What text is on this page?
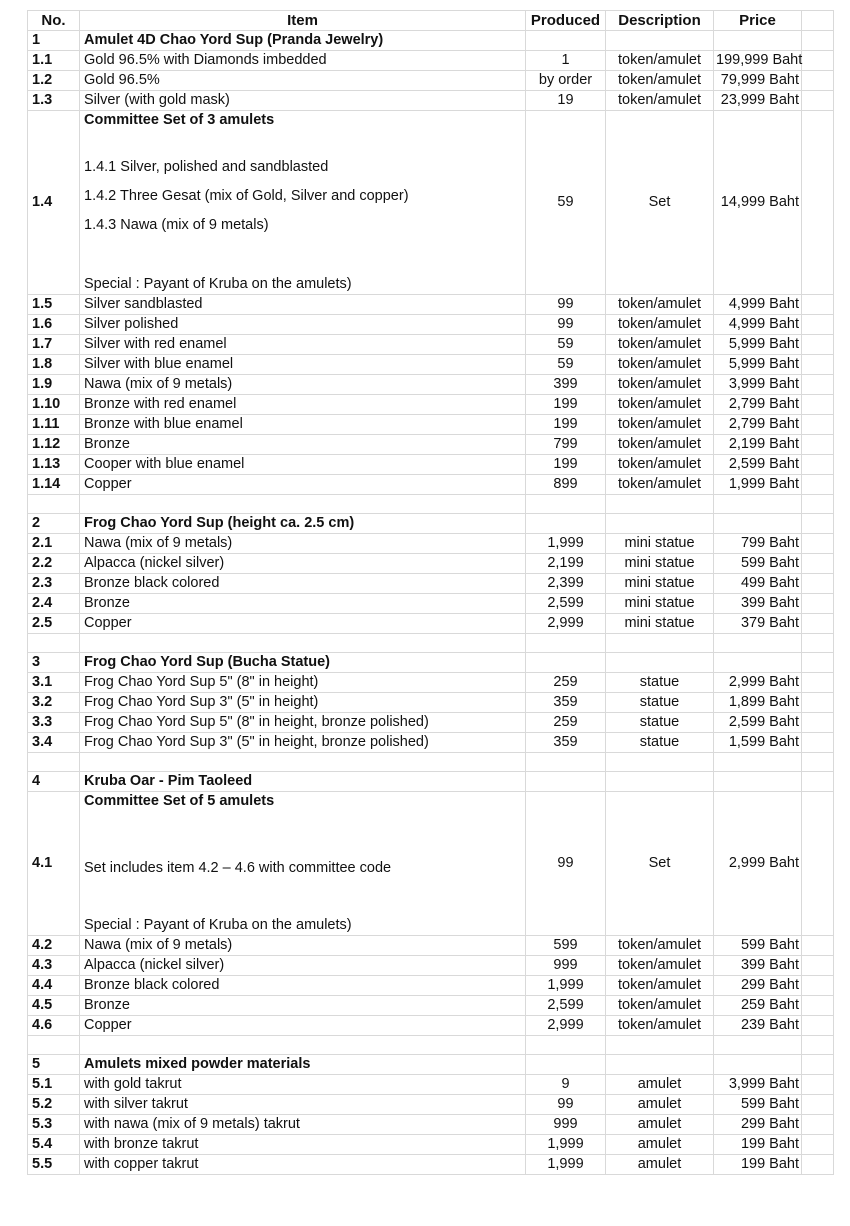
No.	Item	Produced	Description	Price	
1	Amulet 4D Chao Yord Sup (Pranda Jewelry)				
1.1	Gold 96.5% with Diamonds imbedded	1	token/amulet	199,999 Baht	
1.2	Gold 96.5%	by order	token/amulet	79,999 Baht	
1.3	Silver (with gold mask)	19	token/amulet	23,999 Baht	
1.4	Committee Set of 3 amulets
1.4.1 Silver, polished and sandblasted
1.4.2 Three Gesat (mix of Gold, Silver and copper)
1.4.3 Nawa (mix of 9 metals)
Special : Payant of Kruba on the amulets)	59	Set	14,999 Baht	
1.5	Silver sandblasted	99	token/amulet	4,999 Baht	
1.6	Silver polished	99	token/amulet	4,999 Baht	
1.7	Silver with red enamel	59	token/amulet	5,999 Baht	
1.8	Silver with blue enamel	59	token/amulet	5,999 Baht	
1.9	Nawa (mix of 9 metals)	399	token/amulet	3,999 Baht	
1.10	Bronze with red enamel	199	token/amulet	2,799 Baht	
1.11	Bronze with blue enamel	199	token/amulet	2,799 Baht	
1.12	Bronze	799	token/amulet	2,199 Baht	
1.13	Cooper with blue enamel	199	token/amulet	2,599 Baht	
1.14	Copper	899	token/amulet	1,999 Baht	

2	Frog Chao Yord Sup (height ca. 2.5 cm)				
2.1	Nawa (mix of 9 metals)	1,999	mini statue	799 Baht	
2.2	Alpacca (nickel silver)	2,199	mini statue	599 Baht	
2.3	Bronze black colored	2,399	mini statue	499 Baht	
2.4	Bronze	2,599	mini statue	399 Baht	
2.5	Copper	2,999	mini statue	379 Baht	

3	Frog Chao Yord Sup (Bucha Statue)				
3.1	Frog Chao Yord Sup 5" (8" in height)	259	statue	2,999 Baht	
3.2	Frog Chao Yord Sup 3" (5" in height)	359	statue	1,899 Baht	
3.3	Frog Chao Yord Sup 5" (8" in height, bronze polished)	259	statue	2,599 Baht	
3.4	Frog Chao Yord Sup 3" (5" in height, bronze polished)	359	statue	1,599 Baht	

4	Kruba Oar - Pim Taoleed				
4.1	Committee Set of 5 amulets
Set includes item 4.2 – 4.6 with committee code
Special : Payant of Kruba on the amulets)	99	Set	2,999 Baht	
4.2	Nawa (mix of 9 metals)	599	token/amulet	599 Baht	
4.3	Alpacca (nickel silver)	999	token/amulet	399 Baht	
4.4	Bronze black colored	1,999	token/amulet	299 Baht	
4.5	Bronze	2,599	token/amulet	259 Baht	
4.6	Copper	2,999	token/amulet	239 Baht	

5	Amulets mixed powder materials				
5.1	with gold takrut	9	amulet	3,999 Baht	
5.2	with silver takrut	99	amulet	599 Baht	
5.3	with nawa (mix of 9 metals) takrut	999	amulet	299 Baht	
5.4	with bronze takrut	1,999	amulet	199 Baht	
5.5	with copper takrut	1,999	amulet	199 Baht	
